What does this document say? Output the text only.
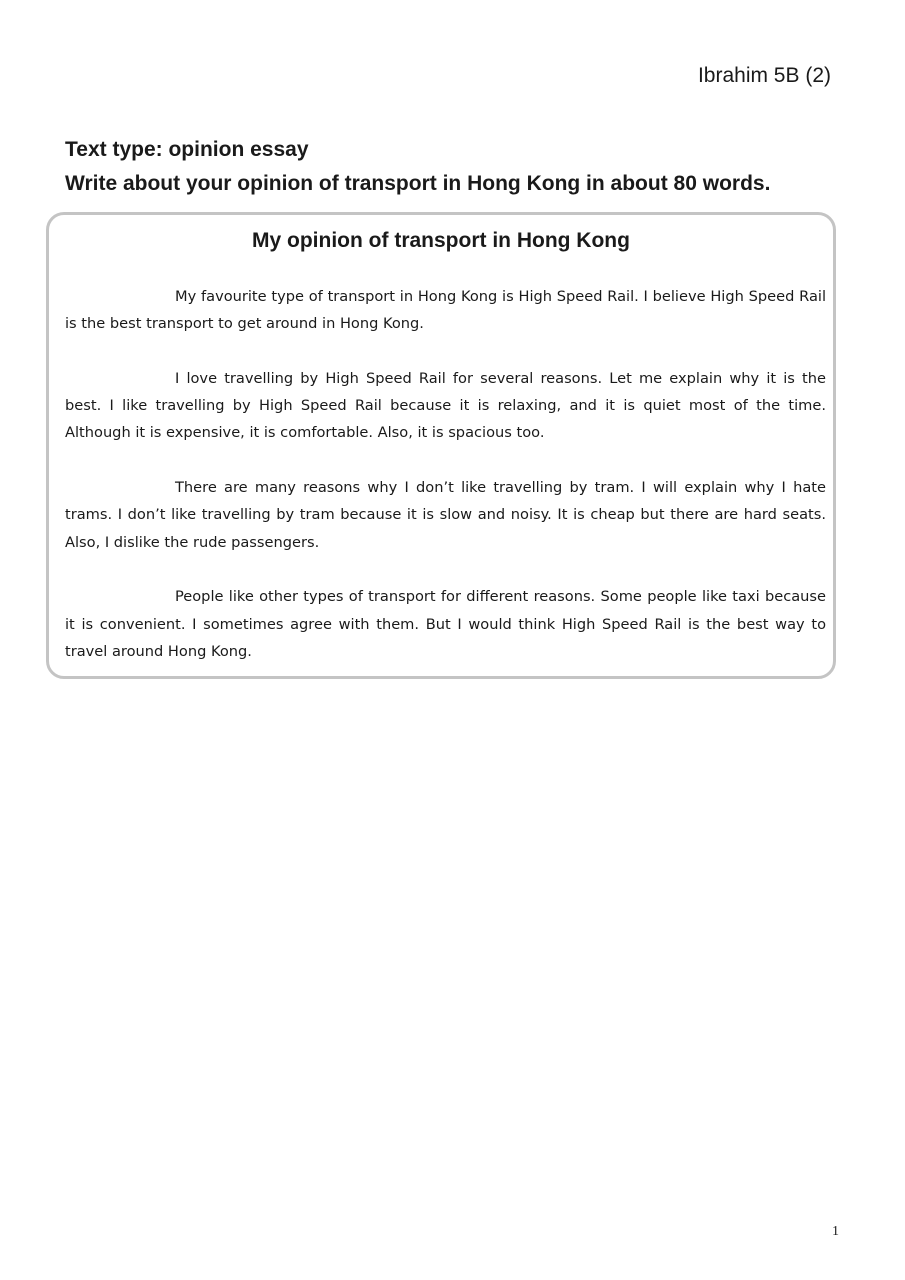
Ibrahim 5B (2)
Text type: opinion essay
Write about your opinion of transport in Hong Kong in about 80 words.
My opinion of transport in Hong Kong

My favourite type of transport in Hong Kong is High Speed Rail. I believe High Speed Rail is the best transport to get around in Hong Kong.

I love travelling by High Speed Rail for several reasons. Let me explain why it is the best. I like travelling by High Speed Rail because it is relaxing, and it is quiet most of the time. Although it is expensive, it is comfortable. Also, it is spacious too.

There are many reasons why I don’t like travelling by tram. I will explain why I hate trams. I don’t like travelling by tram because it is slow and noisy. It is cheap but there are hard seats. Also, I dislike the rude passengers.

People like other types of transport for different reasons. Some people like taxi because it is convenient. I sometimes agree with them. But I would think High Speed Rail is the best way to travel around Hong Kong.

1
